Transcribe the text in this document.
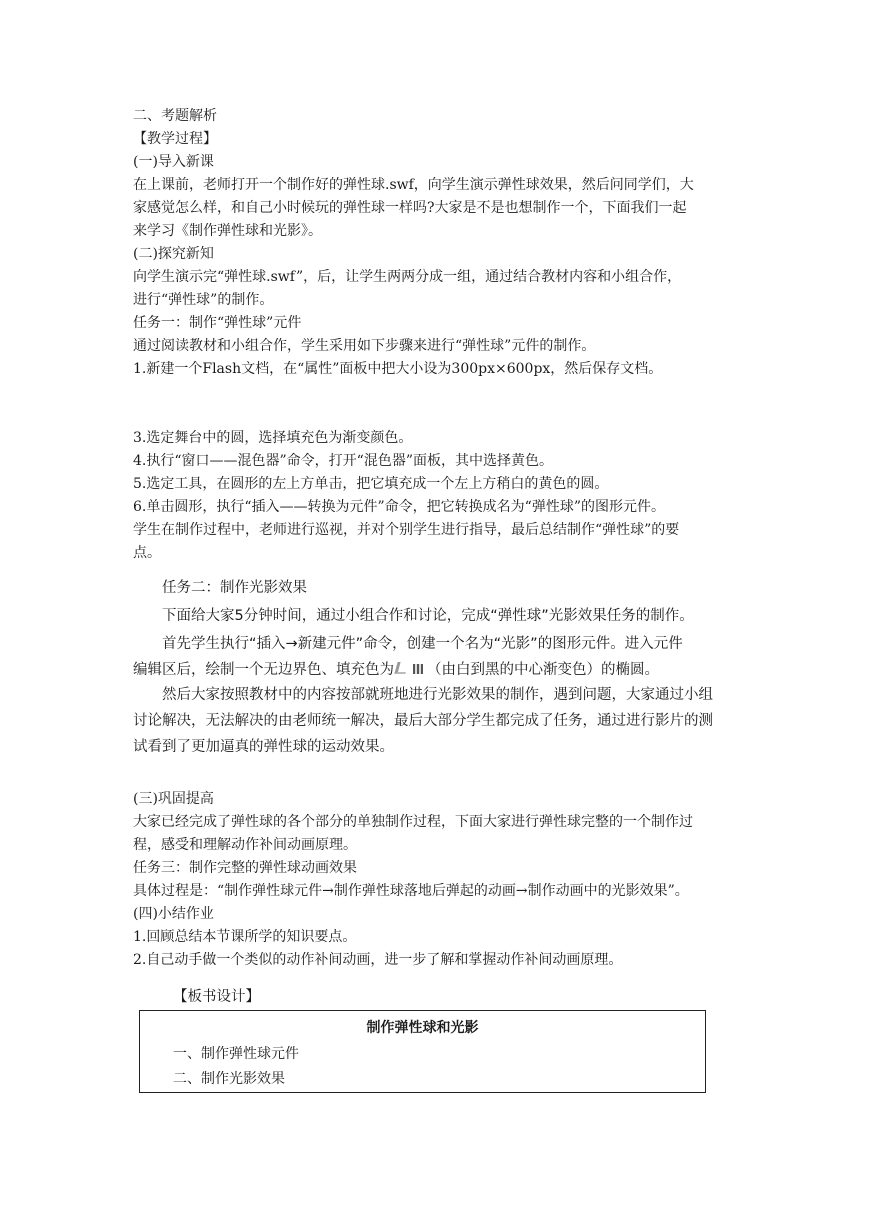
二、考题解析
【教学过程】
(一)导入新课
在上课前，老师打开一个制作好的弹性球.swf，向学生演示弹性球效果，然后问同学们，大
家感觉怎么样，和自己小时候玩的弹性球一样吗?大家是不是也想制作一个，下面我们一起
来学习《制作弹性球和光影》。
(二)探究新知
向学生演示完“弹性球.swf”，后，让学生两两分成一组，通过结合教材内容和小组合作，
进行“弹性球”的制作。
任务一：制作“弹性球”元件
通过阅读教材和小组合作，学生采用如下步骤来进行“弹性球”元件的制作。
1.新建一个Flash文档，在“属性”面板中把大小设为300px×600px，然后保存文档。
3.选定舞台中的圆，选择填充色为渐变颜色。
4.执行“窗口——混色器”命令，打开“混色器”面板，其中选择黄色。
5.选定工具，在圆形的左上方单击，把它填充成一个左上方稍白的黄色的圆。
6.单击圆形，执行“插入——转换为元件”命令，把它转换成名为“弹性球”的图形元件。
学生在制作过程中，老师进行巡视，并对个别学生进行指导，最后总结制作“弹性球”的要
点。
任务二：制作光影效果
下面给大家5分钟时间，通过小组合作和讨论，完成“弹性球”光影效果任务的制作。
首先学生执行“插入→新建元件”命令，创建一个名为“光影”的图形元件。进入元件
编辑区后，绘制一个无边界色、填充色为 （由白到黑的中心渐变色）的椭圆。
然后大家按照教材中的内容按部就班地进行光影效果的制作，遇到问题，大家通过小组
讨论解决，无法解决的由老师统一解决，最后大部分学生都完成了任务，通过进行影片的测
试看到了更加逼真的弹性球的运动效果。
(三)巩固提高
大家已经完成了弹性球的各个部分的单独制作过程，下面大家进行弹性球完整的一个制作过
程，感受和理解动作补间动画原理。
任务三：制作完整的弹性球动画效果
具体过程是：“制作弹性球元件→制作弹性球落地后弹起的动画→制作动画中的光影效果”。
(四)小结作业
1.回顾总结本节课所学的知识要点。
2.自己动手做一个类似的动作补间动画，进一步了解和掌握动作补间动画原理。
【板书设计】
制作弹性球和光影
一、制作弹性球元件
二、制作光影效果
